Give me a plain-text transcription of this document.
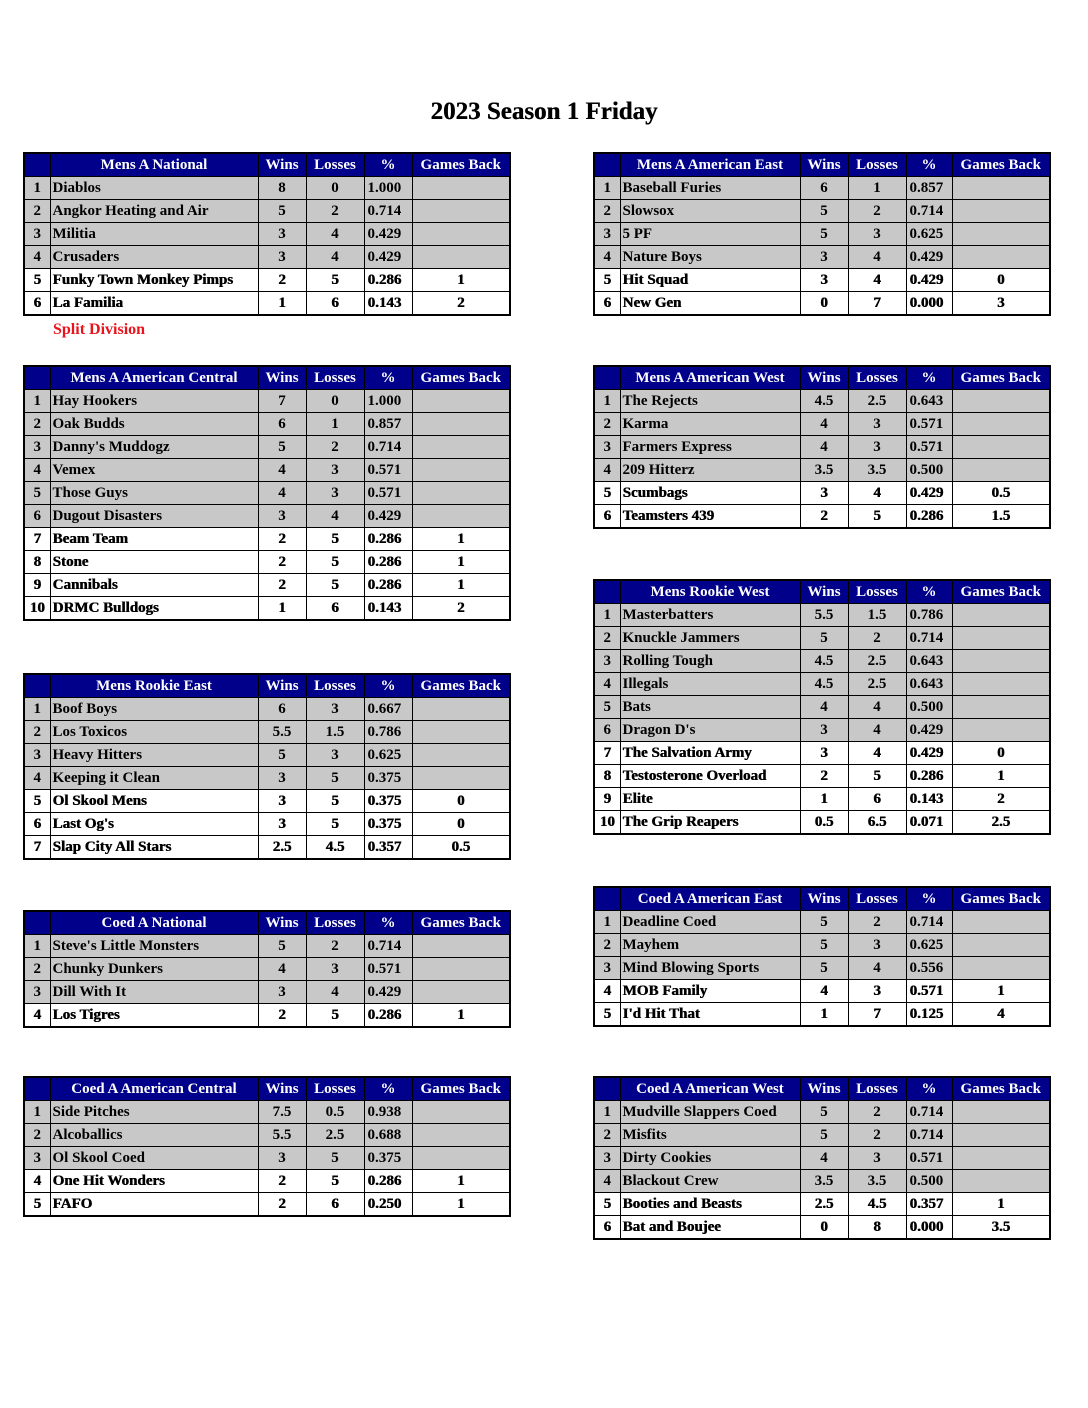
2023 Season 1 Friday
	Mens A National	Wins	Losses	%	Games Back
1	Diablos	8	0	1.000	
2	Angkor Heating and Air	5	2	0.714	
3	Militia	3	4	0.429	
4	Crusaders	3	4	0.429	
5	Funky Town Monkey Pimps	2	5	0.286	1
6	La Familia	1	6	0.143	2
	Mens A American East	Wins	Losses	%	Games Back
1	Baseball Furies	6	1	0.857	
2	Slowsox	5	2	0.714	
3	5 PF	5	3	0.625	
4	Nature Boys	3	4	0.429	
5	Hit Squad	3	4	0.429	0
6	New Gen	0	7	0.000	3
Split Division
	Mens A American Central	Wins	Losses	%	Games Back
1	Hay Hookers	7	0	1.000	
2	Oak Budds	6	1	0.857	
3	Danny's Muddogz	5	2	0.714	
4	Vemex	4	3	0.571	
5	Those Guys	4	3	0.571	
6	Dugout Disasters	3	4	0.429	
7	Beam Team	2	5	0.286	1
8	Stone	2	5	0.286	1
9	Cannibals	2	5	0.286	1
10	DRMC Bulldogs	1	6	0.143	2
	Mens A American West	Wins	Losses	%	Games Back
1	The Rejects	4.5	2.5	0.643	
2	Karma	4	3	0.571	
3	Farmers Express	4	3	0.571	
4	209 Hitterz	3.5	3.5	0.500	
5	Scumbags	3	4	0.429	0.5
6	Teamsters 439	2	5	0.286	1.5
	Mens Rookie West	Wins	Losses	%	Games Back
1	Masterbatters	5.5	1.5	0.786	
2	Knuckle Jammers	5	2	0.714	
3	Rolling Tough	4.5	2.5	0.643	
4	Illegals	4.5	2.5	0.643	
5	Bats	4	4	0.500	
6	Dragon D's	3	4	0.429	
7	The Salvation Army	3	4	0.429	0
8	Testosterone Overload	2	5	0.286	1
9	Elite	1	6	0.143	2
10	The Grip Reapers	0.5	6.5	0.071	2.5
	Mens Rookie East	Wins	Losses	%	Games Back
1	Boof Boys	6	3	0.667	
2	Los Toxicos	5.5	1.5	0.786	
3	Heavy Hitters	5	3	0.625	
4	Keeping it Clean	3	5	0.375	
5	Ol Skool Mens	3	5	0.375	0
6	Last Og's	3	5	0.375	0
7	Slap City All Stars	2.5	4.5	0.357	0.5
	Coed A American East	Wins	Losses	%	Games Back
1	Deadline Coed	5	2	0.714	
2	Mayhem	5	3	0.625	
3	Mind Blowing Sports	5	4	0.556	
4	MOB Family	4	3	0.571	1
5	I'd Hit That	1	7	0.125	4
	Coed A National	Wins	Losses	%	Games Back
1	Steve's Little Monsters	5	2	0.714	
2	Chunky Dunkers	4	3	0.571	
3	Dill With It	3	4	0.429	
4	Los Tigres	2	5	0.286	1
	Coed A American Central	Wins	Losses	%	Games Back
1	Side Pitches	7.5	0.5	0.938	
2	Alcoballics	5.5	2.5	0.688	
3	Ol Skool Coed	3	5	0.375	
4	One Hit Wonders	2	5	0.286	1
5	FAFO	2	6	0.250	1
	Coed A American West	Wins	Losses	%	Games Back
1	Mudville Slappers Coed	5	2	0.714	
2	Misfits	5	2	0.714	
3	Dirty Cookies	4	3	0.571	
4	Blackout Crew	3.5	3.5	0.500	
5	Booties and Beasts	2.5	4.5	0.357	1
6	Bat and Boujee	0	8	0.000	3.5
